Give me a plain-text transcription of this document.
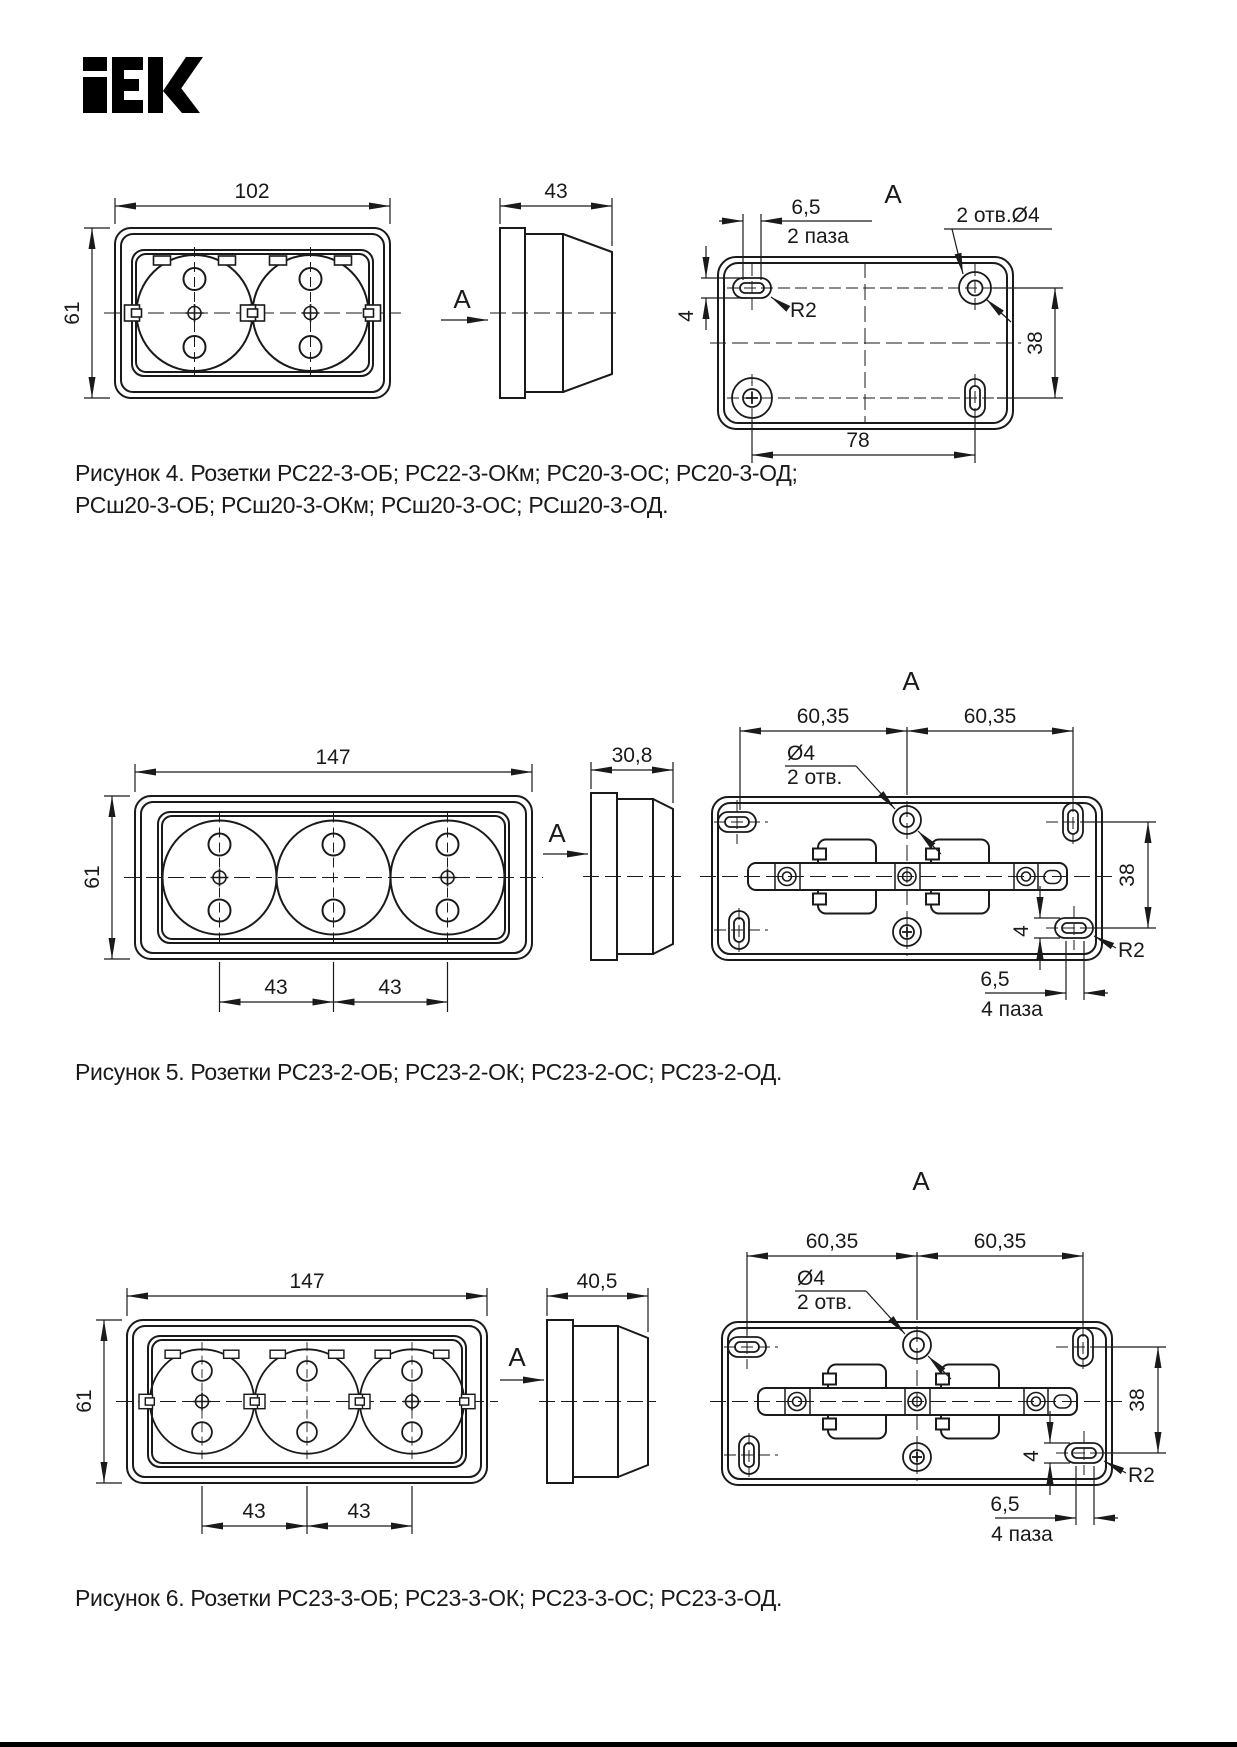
102
61	A
43	A
6,5
2 паза
2 отв.Ø4
R2
4
38
78
Рисунок 4. Розетки РС22-3-ОБ; РС22-3-ОКм; РС20-3-ОС; РС20-3-ОД;
РСш20-3-ОБ; РСш20-3-ОКм; РСш20-3-ОС; РСш20-3-ОД.
147
61
43	43
A
30,8
A
60,35	60,35
Ø4
2 отв.
38
4
R2
6,5
4 паза
Рисунок 5. Розетки РС23-2-ОБ; РС23-2-ОК; РС23-2-ОС; РС23-2-ОД.
147
61
43	43
A
40,5
A
60,35	60,35
Ø4
2 отв.
38
4
R2
6,5
4 паза
Рисунок 6. Розетки РС23-3-ОБ; РС23-3-ОК; РС23-3-ОС; РС23-3-ОД.
